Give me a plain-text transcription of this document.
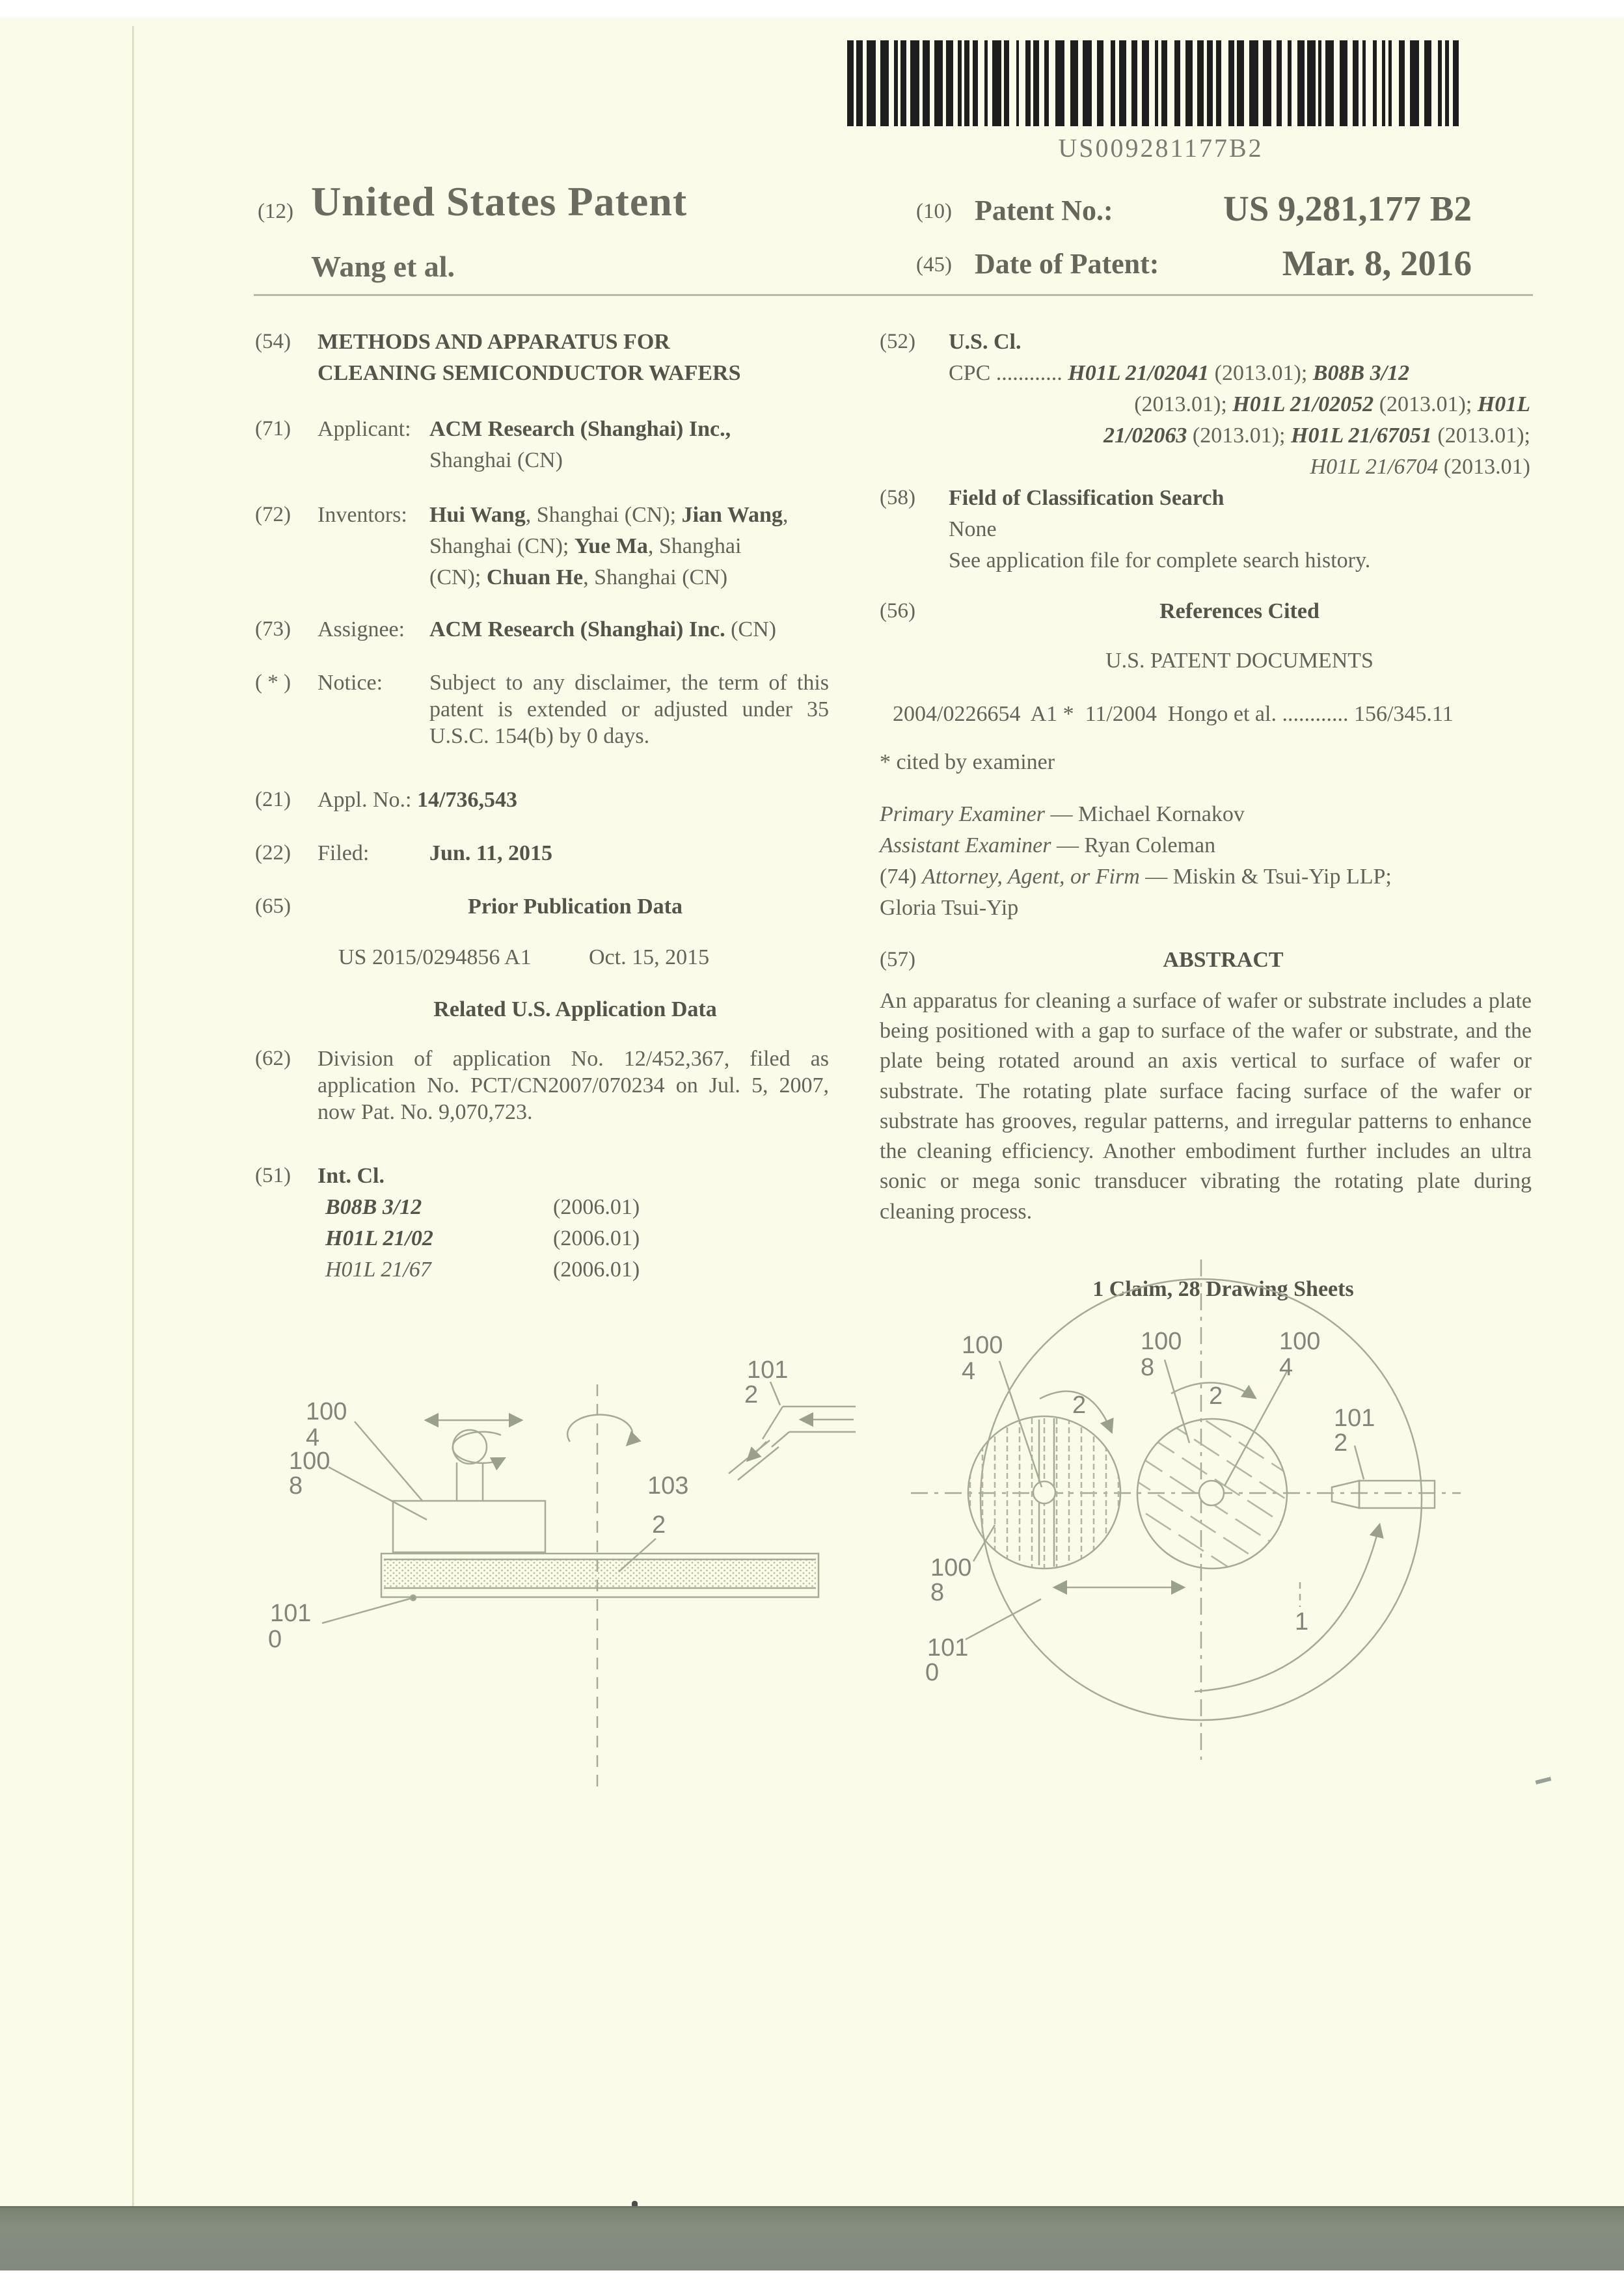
US009281177B2
(12) United States Patent
Wang et al.
(10) Patent No.:	US 9,281,177 B2
(45) Date of Patent:	Mar. 8, 2016
(54) METHODS AND APPARATUS FOR
CLEANING SEMICONDUCTOR WAFERS
(71) Applicant: ACM Research (Shanghai) Inc.,
Shanghai (CN)
(72) Inventors: Hui Wang, Shanghai (CN); Jian Wang,
Shanghai (CN); Yue Ma, Shanghai
(CN); Chuan He, Shanghai (CN)
(73) Assignee: ACM Research (Shanghai) Inc. (CN)
( * ) Notice: Subject to any disclaimer, the term of this patent is extended or adjusted under 35 U.S.C. 154(b) by 0 days.
(21) Appl. No.: 14/736,543
(22) Filed:	Jun. 11, 2015
(65)	Prior Publication Data
US 2015/0294856 A1	Oct. 15, 2015
Related U.S. Application Data
(62) Division of application No. 12/452,367, filed as application No. PCT/CN2007/070234 on Jul. 5, 2007, now Pat. No. 9,070,723.
(51) Int. Cl.
B08B 3/12	(2006.01)
H01L 21/02	(2006.01)
H01L 21/67	(2006.01)
(52) U.S. Cl.
CPC ............ H01L 21/02041 (2013.01); B08B 3/12
(2013.01); H01L 21/02052 (2013.01); H01L
21/02063 (2013.01); H01L 21/67051 (2013.01);
H01L 21/6704 (2013.01)
(58) Field of Classification Search
None
See application file for complete search history.
(56)	References Cited
U.S. PATENT DOCUMENTS
2004/0226654 A1 * 11/2004 Hongo et al. ............ 156/345.11
* cited by examiner
Primary Examiner — Michael Kornakov
Assistant Examiner — Ryan Coleman
(74) Attorney, Agent, or Firm — Miskin & Tsui-Yip LLP;
Gloria Tsui-Yip
(57)	ABSTRACT
An apparatus for cleaning a surface of wafer or substrate includes a plate being positioned with a gap to surface of the wafer or substrate, and the plate being rotated around an axis vertical to surface of wafer or substrate. The rotating plate surface facing surface of the wafer or substrate has grooves, regular patterns, and irregular patterns to enhance the cleaning efficiency. Another embodiment further includes an ultra sonic or mega sonic transducer vibrating the rotating plate during cleaning process.
1 Claim, 28 Drawing Sheets
100
4
100
8
101
0
103
2
101
2
100
4
100
8
100
4
101
2
100
8
101
0
2	2
1
